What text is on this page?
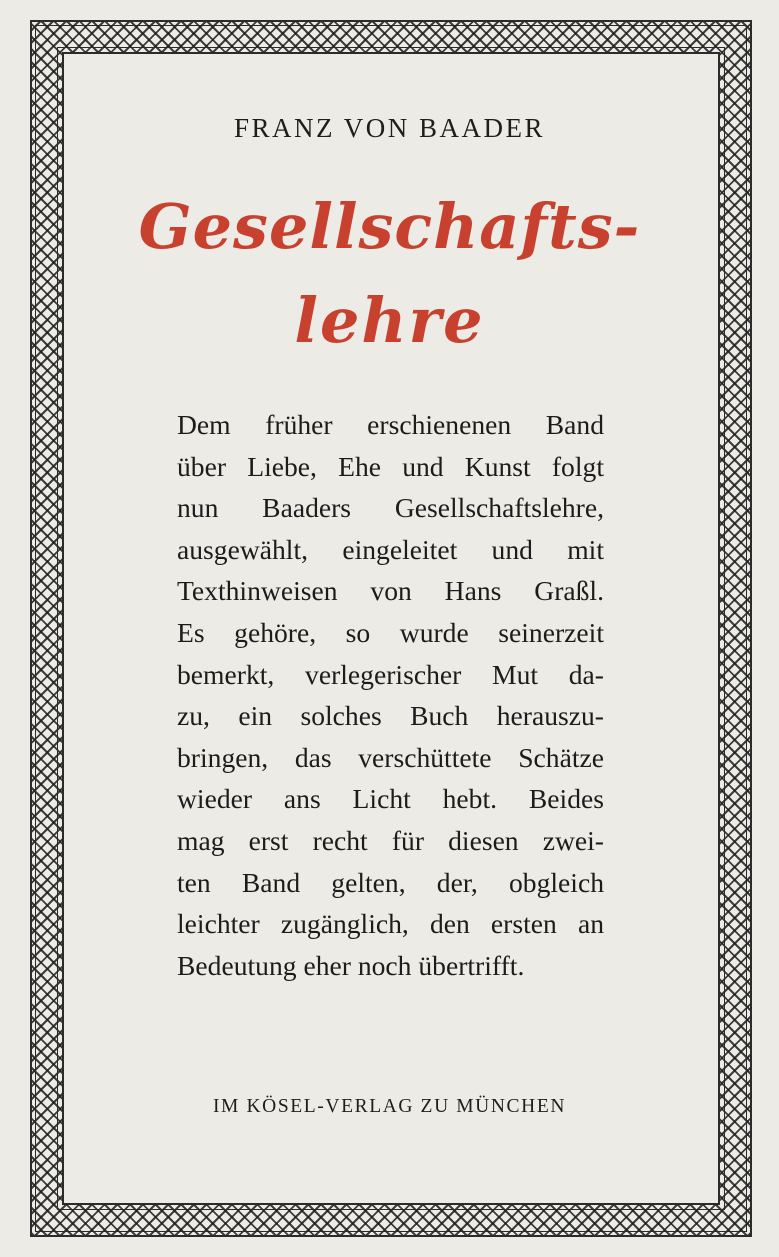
FRANZ VON BAADER
Gesellschafts-
lehre
Dem früher erschienenen Band
über Liebe, Ehe und Kunst folgt
nun Baaders Gesellschaftslehre,
ausgewählt, eingeleitet und mit
Texthinweisen von Hans Graßl.
Es gehöre, so wurde seinerzeit
bemerkt, verlegerischer Mut da-
zu, ein solches Buch herauszu-
bringen, das verschüttete Schätze
wieder ans Licht hebt. Beides
mag erst recht für diesen zwei-
ten Band gelten, der, obgleich
leichter zugänglich, den ersten an
Bedeutung eher noch übertrifft.
IM KÖSEL-VERLAG ZU MÜNCHEN
